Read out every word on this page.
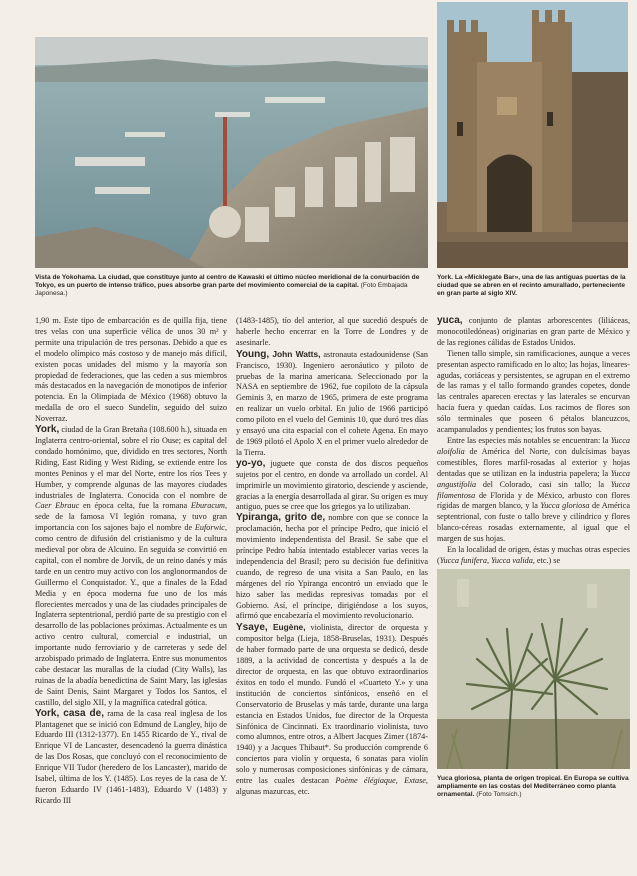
Vista de Yokohama. La ciudad, que constituye junto al centro de Kawaski el último núcleo meridional de la conurbación de Tokyo, es un puerto de intenso tráfico, pues absorbe gran parte del movimiento comercial de la capital. (Foto Embajada Japonesa.)
York. La «Micklegate Bar», una de las antiguas puertas de la ciudad que se abren en el recinto amurallado, perteneciente en gran parte al siglo XIV.

1,90 m. Este tipo de embarcación es de quilla fija, tiene tres velas con una superficie vélica de unos 30 m² y permite una tripulación de tres personas. Debido a que es el modelo olímpico más costoso y de manejo más difícil, existen pocas unidades del mismo y la mayoría son propiedad de federaciones, que las ceden a sus miembros más destacados en la navegación de monotipos de inferior potencia. En la Olimpiada de México (1968) obtuvo la medalla de oro el sueco Sundelin, seguido del suizo Noverraz.

York, ciudad de la Gran Bretaña (108.600 h.), situada en Inglaterra centro-oriental, sobre el río Ouse; es capital del condado homónimo, que, dividido en tres sectores, North Riding, East Riding y West Riding, se extiende entre los montes Peninos y el mar del Norte, entre los ríos Tees y Humber, y comprende algunas de las mayores ciudades industriales de Inglaterra. Conocida con el nombre de Caer Ebrauc en época celta, fue la romana Eburacum, sede de la famosa VI legión romana, y tuvo gran importancia con los sajones bajo el nombre de Euforwic, como centro de difusión del cristianismo y de la cultura medieval por obra de Alcuino. En seguida se convirtió en capital, con el nombre de Jorvik, de un reino danés y más tarde en un centro muy activo con los anglonormandos de Guillermo el Conquistador. Y., que a finales de la Edad Media y en época moderna fue uno de los más florecientes mercados y una de las ciudades principales de Inglaterra septentrional, perdió parte de su prestigio con el desarrollo de las poblaciones próximas. Actualmente es un activo centro cultural, comercial e industrial, un importante nudo ferroviario y de carreteras y sede del arzobispado primado de Inglaterra. Entre sus monumentos cabe destacar las murallas de la ciudad (City Walls), las ruinas de la abadía benedictina de Saint Mary, las iglesias de Saint Denis, Saint Margaret y Todos los Santos, el castillo, del siglo XII, y la magnífica catedral gótica.

York, casa de, rama de la casa real inglesa de los Plantagenet que se inició con Edmund de Langley, hijo de Eduardo III (1312-1377). En 1455 Ricardo de Y., rival de Enrique VI de Lancaster, desencadenó la guerra dinástica de las Dos Rosas, que concluyó con el reconocimiento de Enrique VII Tudor (heredero de los Lancaster), marido de Isabel, última de los Y. (1485). Los reyes de la casa de Y. fueron Eduardo IV (1461-1483), Eduardo V (1483) y Ricardo III

(1483-1485), tío del anterior, al que sucedió después de haberle hecho encerrar en la Torre de Londres y de asesinarle.

Young, John Watts, astronauta estadounidense (San Francisco, 1930). Ingeniero aeronáutico y piloto de pruebas de la marina americana. Seleccionado por la NASA en septiembre de 1962, fue copiloto de la cápsula Geminis 3, en marzo de 1965, primera de este programa en realizar un vuelo orbital. En julio de 1966 participó como piloto en el vuelo del Geminis 10, que duró tres días y ensayó una cita espacial con el cohete Agena. En mayo de 1969 pilotó el Apolo X en el primer vuelo alrededor de la Tierra.

yo-yo, juguete que consta de dos discos pequeños sujetos por el centro, en donde va arrollado un cordel. Al imprimirle un movimiento giratorio, desciende y asciende, gracias a la energía desarrollada al girar. Su origen es muy antiguo, pues se cree que los griegos ya lo utilizaban.

Ypiranga, grito de, nombre con que se conoce la proclamación, hecha por el príncipe Pedro, que inició el movimiento independentista del Brasil. Se sabe que el príncipe Pedro había intentado establecer varias veces la independencia del Brasil; pero su decisión fue definitiva cuando, de regreso de una visita a San Paulo, en las márgenes del río Ypiranga encontró un enviado que le hizo saber las medidas represivas tomadas por el Gobierno. Así, el príncipe, dirigiéndose a los suyos, afirmó que encabezaría el movimiento revolucionario.

Ysaye, Eugène, violinista, director de orquesta y compositor belga (Lieja, 1858-Bruselas, 1931). Después de haber formado parte de una orquesta se dedicó, desde 1889, a la actividad de concertista y después a la de director de orquesta, en las que obtuvo extraordinarios éxitos en todo el mundo. Fundó el «Cuarteto Y.» y una institución de conciertos sinfónicos, enseñó en el Conservatorio de Bruselas y más tarde, durante una larga estancia en Estados Unidos, fue director de la Orquesta Sinfónica de Cincinnati. Ex traordinario violinista, tuvo como alumnos, entre otros, a Albert Jacques Zimer (1874-1940) y a Jacques Thibaut*. Su producción comprende 6 conciertos para violín y orquesta, 6 sonatas para violín solo y numerosas composiciones sinfónicas y de cámara, entre las cuales destacan Poème élégiaque, Extase, algunas mazurcas, etc.

yuca, conjunto de plantas arborescentes (liliáceas, monocotiledóneas) originarias en gran parte de México y de las regiones cálidas de Estados Unidos.

Tienen tallo simple, sin ramificaciones, aunque a veces presentan aspecto ramificado en lo alto; las hojas, lineares-agudas, coriáceas y persistentes, se agrupan en el extremo de las ramas y el tallo formando grandes copetes, donde las centrales aparecen erectas y las laterales se encurvan hacia fuera y quedan caídas. Los racimos de flores son sólo terminales que poseen 6 pétalos blancuzcos, acampanulados y pendientes; los frutos son bayas.

Entre las especies más notables se encuentran: la Yucca aloifolia de América del Norte, con dulcísimas bayas comestibles, flores marfil-rosadas al exterior y hojas dentadas que se utilizan en la industria papelera; la Yucca angustifolia del Colorado, casi sin tallo; la Yucca filamentosa de Florida y de México, arbusto con flores rígidas de margen blanco, y la Yucca gloriosa de América septentrional, con fuste o tallo breve y cilíndrico y flores blanco-céreas rosadas externamente, al igual que el margen de sus hojas.

En la localidad de origen, éstas y muchas otras especies (Yucca funifera, Yucca valida, etc.) se

Yuca gloriosa, planta de origen tropical. En Europa se cultiva ampliamente en las costas del Mediterráneo como planta ornamental. (Foto Tomsich.)
